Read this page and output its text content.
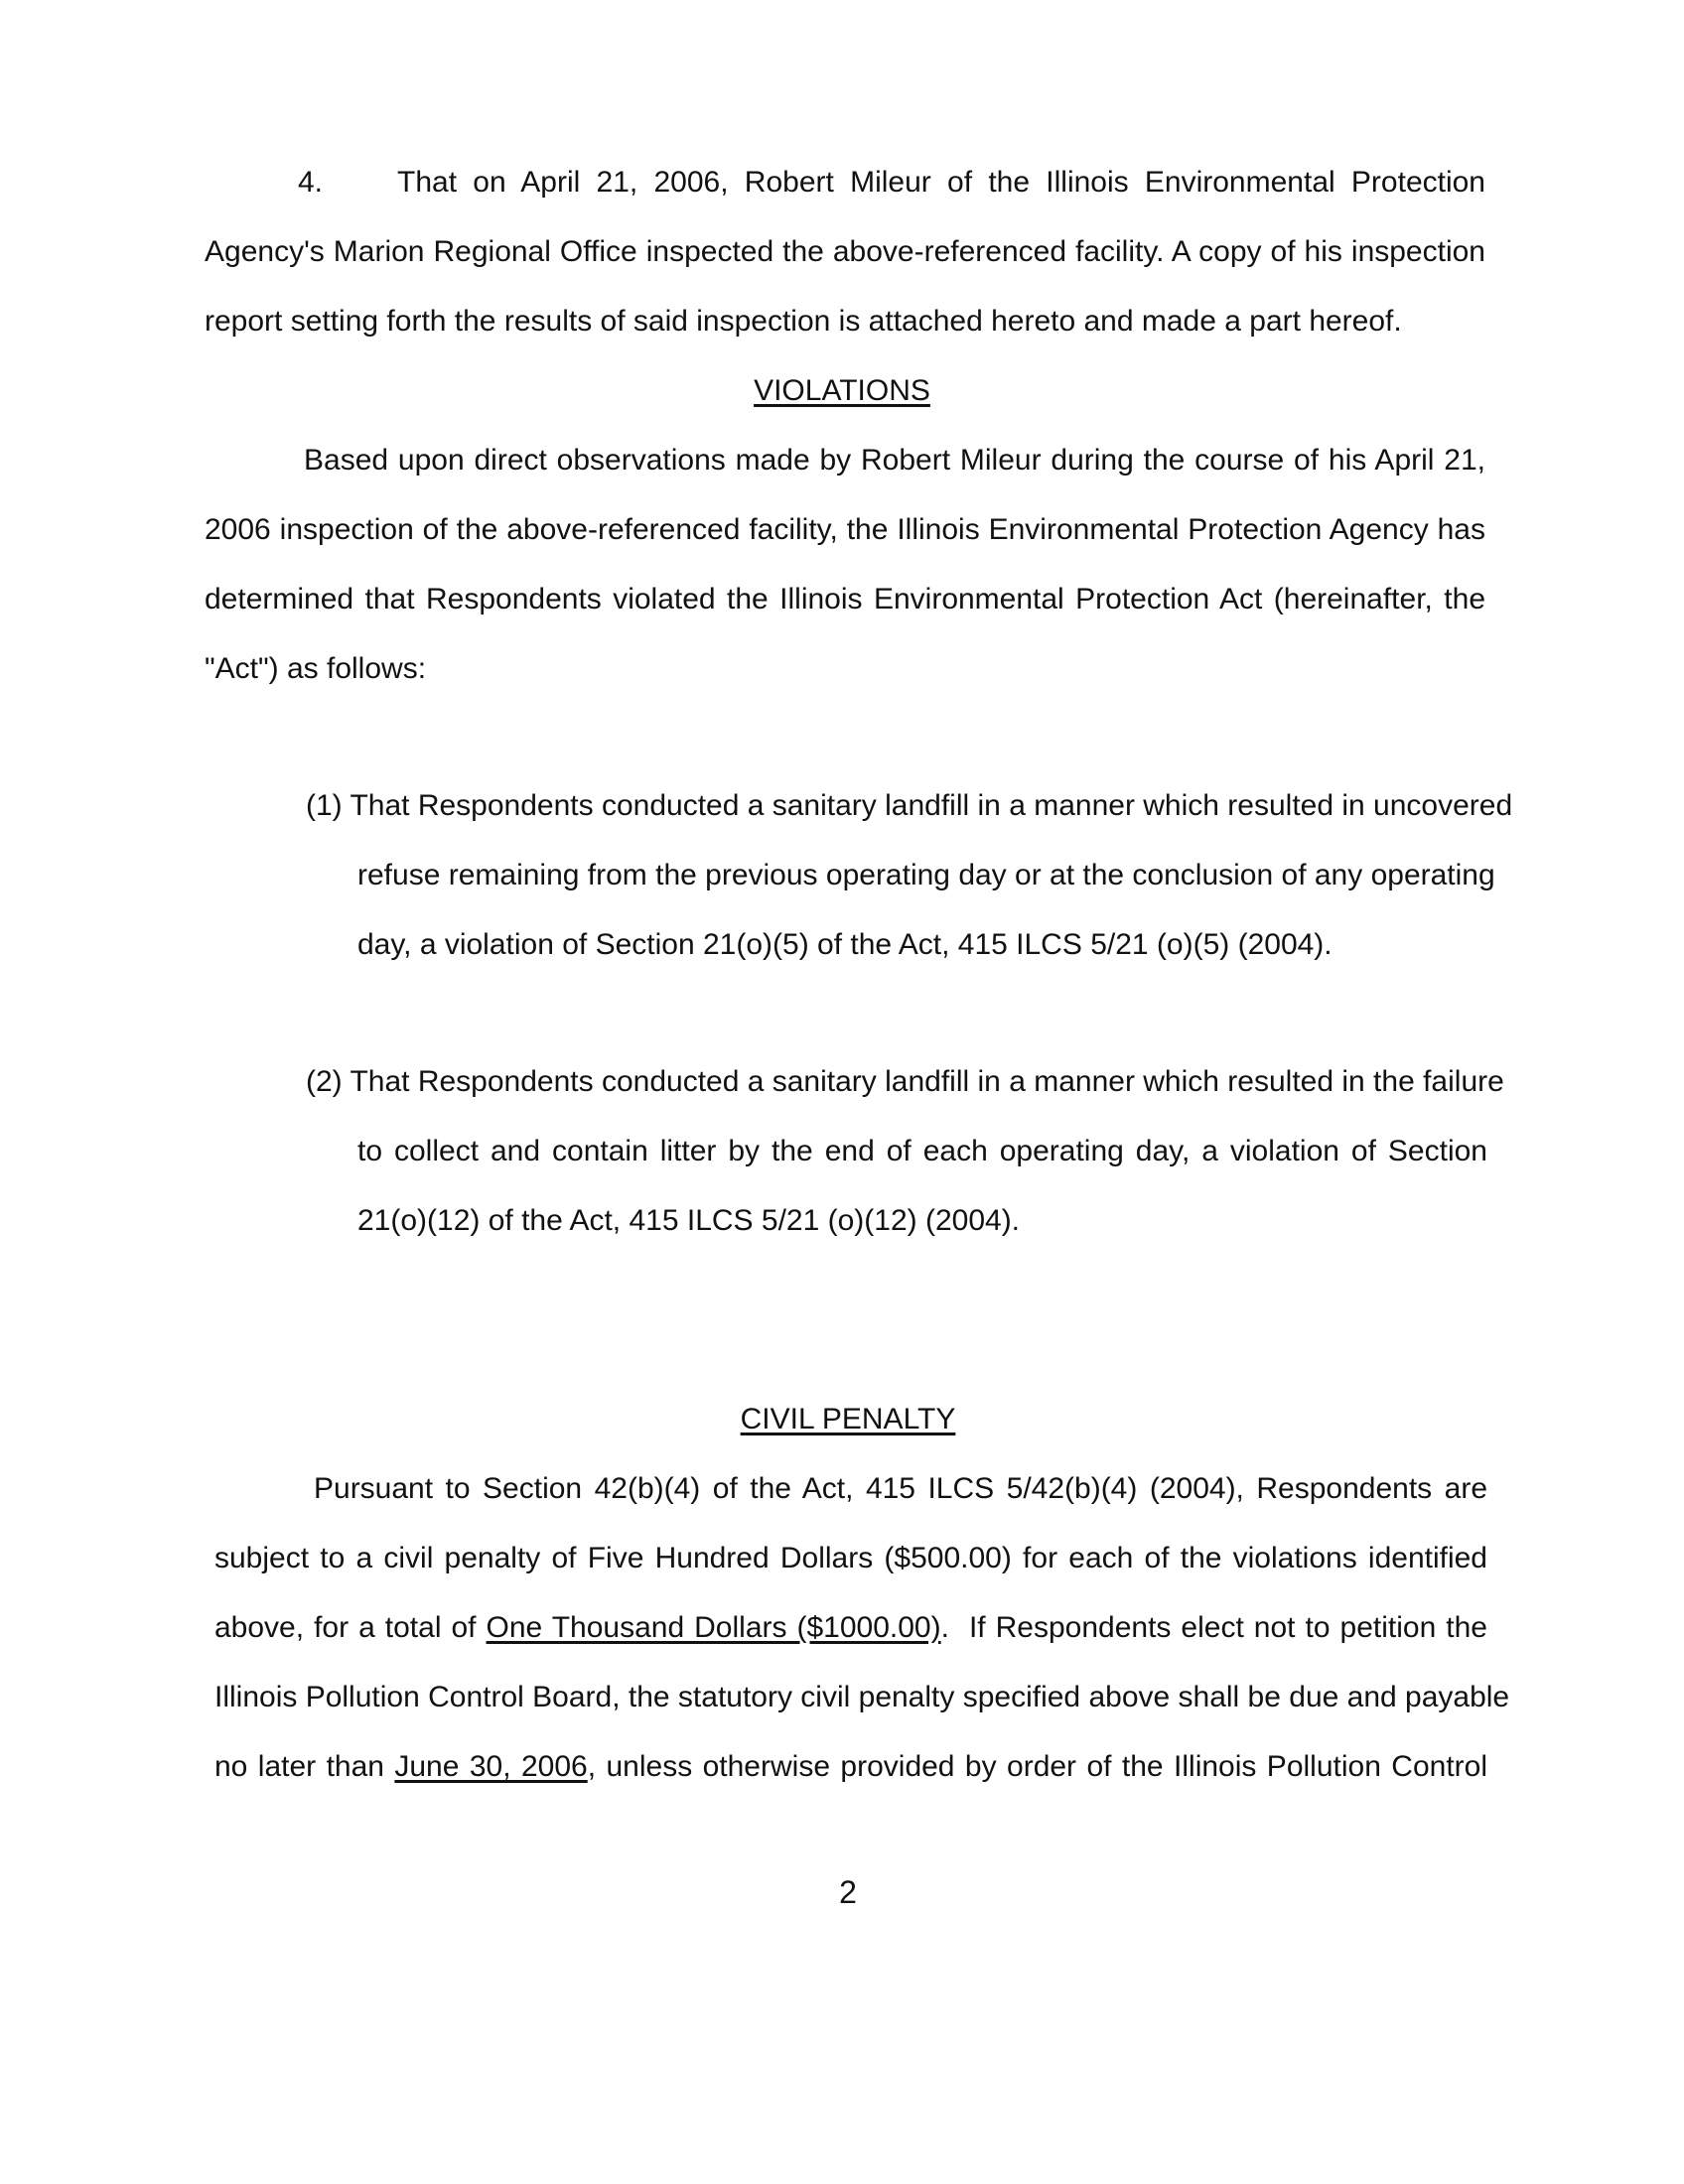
4. That on April 21, 2006, Robert Mileur of the Illinois Environmental Protection
Agency's Marion Regional Office inspected the above-referenced facility. A copy of his inspection
report setting forth the results of said inspection is attached hereto and made a part hereof.
VIOLATIONS
Based upon direct observations made by Robert Mileur during the course of his April 21,
2006 inspection of the above-referenced facility, the Illinois Environmental Protection Agency has
determined that Respondents violated the Illinois Environmental Protection Act (hereinafter, the
"Act") as follows:
(1) That Respondents conducted a sanitary landfill in a manner which resulted in uncovered
refuse remaining from the previous operating day or at the conclusion of any operating
day, a violation of Section 21(o)(5) of the Act, 415 ILCS 5/21 (o)(5) (2004).
(2) That Respondents conducted a sanitary landfill in a manner which resulted in the failure
to collect and contain litter by the end of each operating day, a violation of Section
21(o)(12) of the Act, 415 ILCS 5/21 (o)(12) (2004).
CIVIL PENALTY
Pursuant to Section 42(b)(4) of the Act, 415 ILCS 5/42(b)(4) (2004), Respondents are
subject to a civil penalty of Five Hundred Dollars ($500.00) for each of the violations identified
above, for a total of One Thousand Dollars ($1000.00).  If Respondents elect not to petition the
Illinois Pollution Control Board, the statutory civil penalty specified above shall be due and payable
no later than June 30, 2006, unless otherwise provided by order of the Illinois Pollution Control
2
